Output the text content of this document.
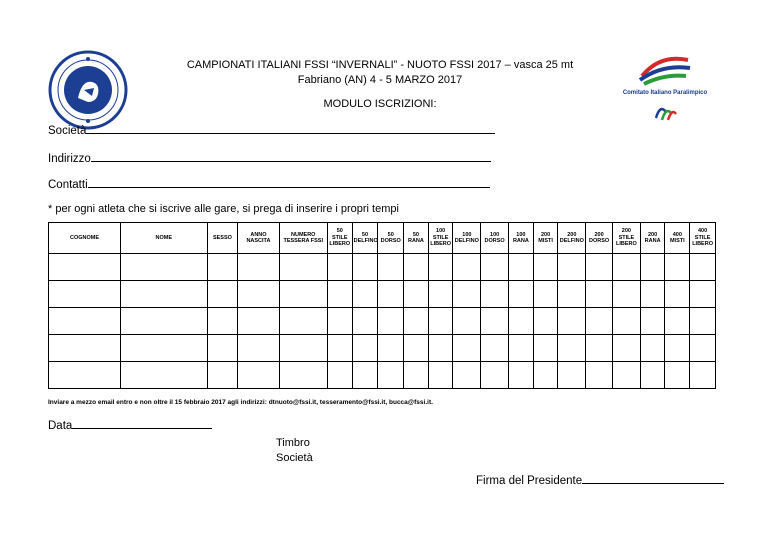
Comitato Italiano Paralimpico
CAMPIONATI ITALIANI FSSI “INVERNALI” - NUOTO FSSI 2017 – vasca 25 mt
Fabriano (AN) 4 - 5 MARZO 2017
MODULO ISCRIZIONI:
Società
Indirizzo
Contatti
* per ogni atleta che si iscrive alle gare, si prega di inserire i propri tempi
COGNOME	NOME	SESSO	ANNO NASCITA	NUMERO TESSERA FSSI	50 STILE LIBERO	50 DELFINO	50 DORSO	50 RANA	100 STILE LIBERO	100 DELFINO	100 DORSO	100 RANA	200 MISTI	200 DELFINO	200 DORSO	200 STILE LIBERO	200 RANA	400 MISTI	400 STILE LIBERO

Inviare a mezzo email entro e non oltre il 15 febbraio 2017 agli indirizzi: dtnuoto@fssi.it, tesseramento@fssi.it, bucca@fssi.it.
Data
Timbro
Società
Firma del Presidente
